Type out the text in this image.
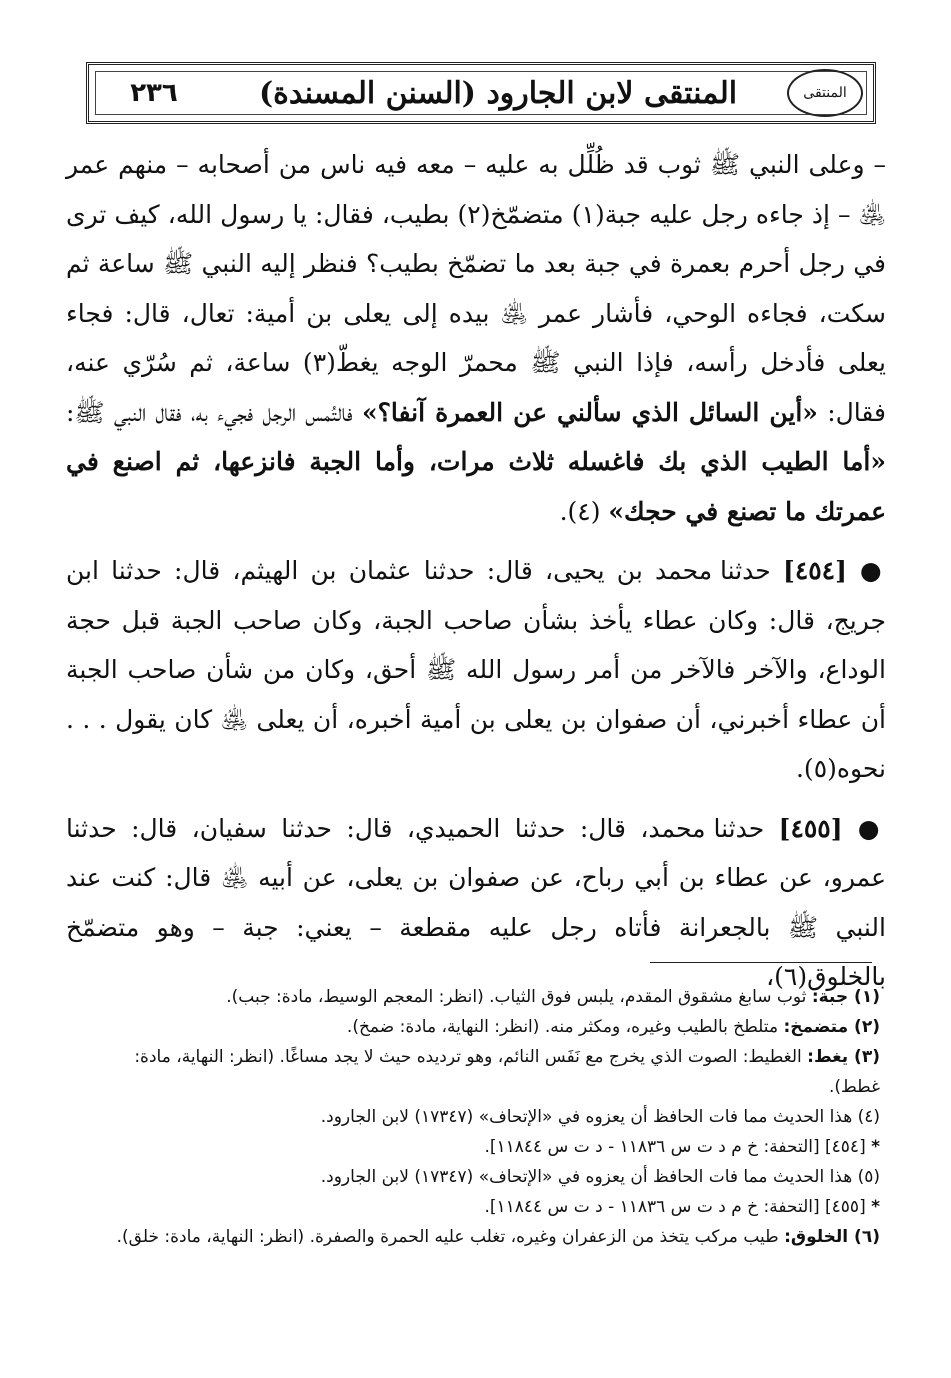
٢٣٦	المنتقى لابن الجارود (السنن المسندة)	المنتقى

– وعلى النبي ﷺ ثوب قد ظُلِّل به عليه – معه فيه ناس من أصحابه – منهم عمر ﵁ – إذ جاءه رجل عليه جبة(١) متضمّخ(٢) بطيب، فقال: يا رسول الله، كيف ترى في رجل أحرم بعمرة في جبة بعد ما تضمّخ بطيب؟ فنظر إليه النبي ﷺ ساعة ثم سكت، فجاءه الوحي، فأشار عمر ﵁ بيده إلى يعلى بن أمية: تعال، قال: فجاء يعلى فأدخل رأسه، فإذا النبي ﷺ محمرّ الوجه يغطّ(٣) ساعة، ثم سُرّي عنه، فقال: «أين السائل الذي سألني عن العمرة آنفا؟» فالتُمس الرجل فجيء به، فقال النبي ﷺ: «أما الطيب الذي بك فاغسله ثلاث مرات، وأما الجبة فانزعها، ثم اصنع في عمرتك ما تصنع في حجك» (٤).

● [٤٥٤] حدثنا محمد بن يحيى، قال: حدثنا عثمان بن الهيثم، قال: حدثنا ابن جريج، قال: وكان عطاء يأخذ بشأن صاحب الجبة، وكان صاحب الجبة قبل حجة الوداع، والآخر فالآخر من أمر رسول الله ﷺ أحق، وكان من شأن صاحب الجبة أن عطاء أخبرني، أن صفوان بن يعلى بن أمية أخبره، أن يعلى ﵁ كان يقول . . . نحوه(٥).

● [٤٥٥] حدثنا محمد، قال: حدثنا الحميدي، قال: حدثنا سفيان، قال: حدثنا عمرو، عن عطاء بن أبي رباح، عن صفوان بن يعلى، عن أبيه ﵁ قال: كنت عند النبي ﷺ بالجعرانة فأتاه رجل عليه مقطعة – يعني: جبة – وهو متضمّخ بالخلوق(٦)،

(١) جبة: ثوب سابغ مشقوق المقدم، يلبس فوق الثياب. (انظر: المعجم الوسيط، مادة: جبب).

(٢) متضمخ: متلطخ بالطيب وغيره، ومكثر منه. (انظر: النهاية، مادة: ضمخ).

(٣) يغط: الغطيط: الصوت الذي يخرج مع نَفَس النائم، وهو ترديده حيث لا يجد مساغًا. (انظر: النهاية، مادة: غطط).

(٤) هذا الحديث مما فات الحافظ أن يعزوه في «الإتحاف» (١٧٣٤٧) لابن الجارود.

* [٤٥٤] [التحفة: خ م د ت س ١١٨٣٦ - د ت س ١١٨٤٤].

(٥) هذا الحديث مما فات الحافظ أن يعزوه في «الإتحاف» (١٧٣٤٧) لابن الجارود.

* [٤٥٥] [التحفة: خ م د ت س ١١٨٣٦ - د ت س ١١٨٤٤].

(٦) الخلوق: طيب مركب يتخذ من الزعفران وغيره، تغلب عليه الحمرة والصفرة. (انظر: النهاية، مادة: خلق).
